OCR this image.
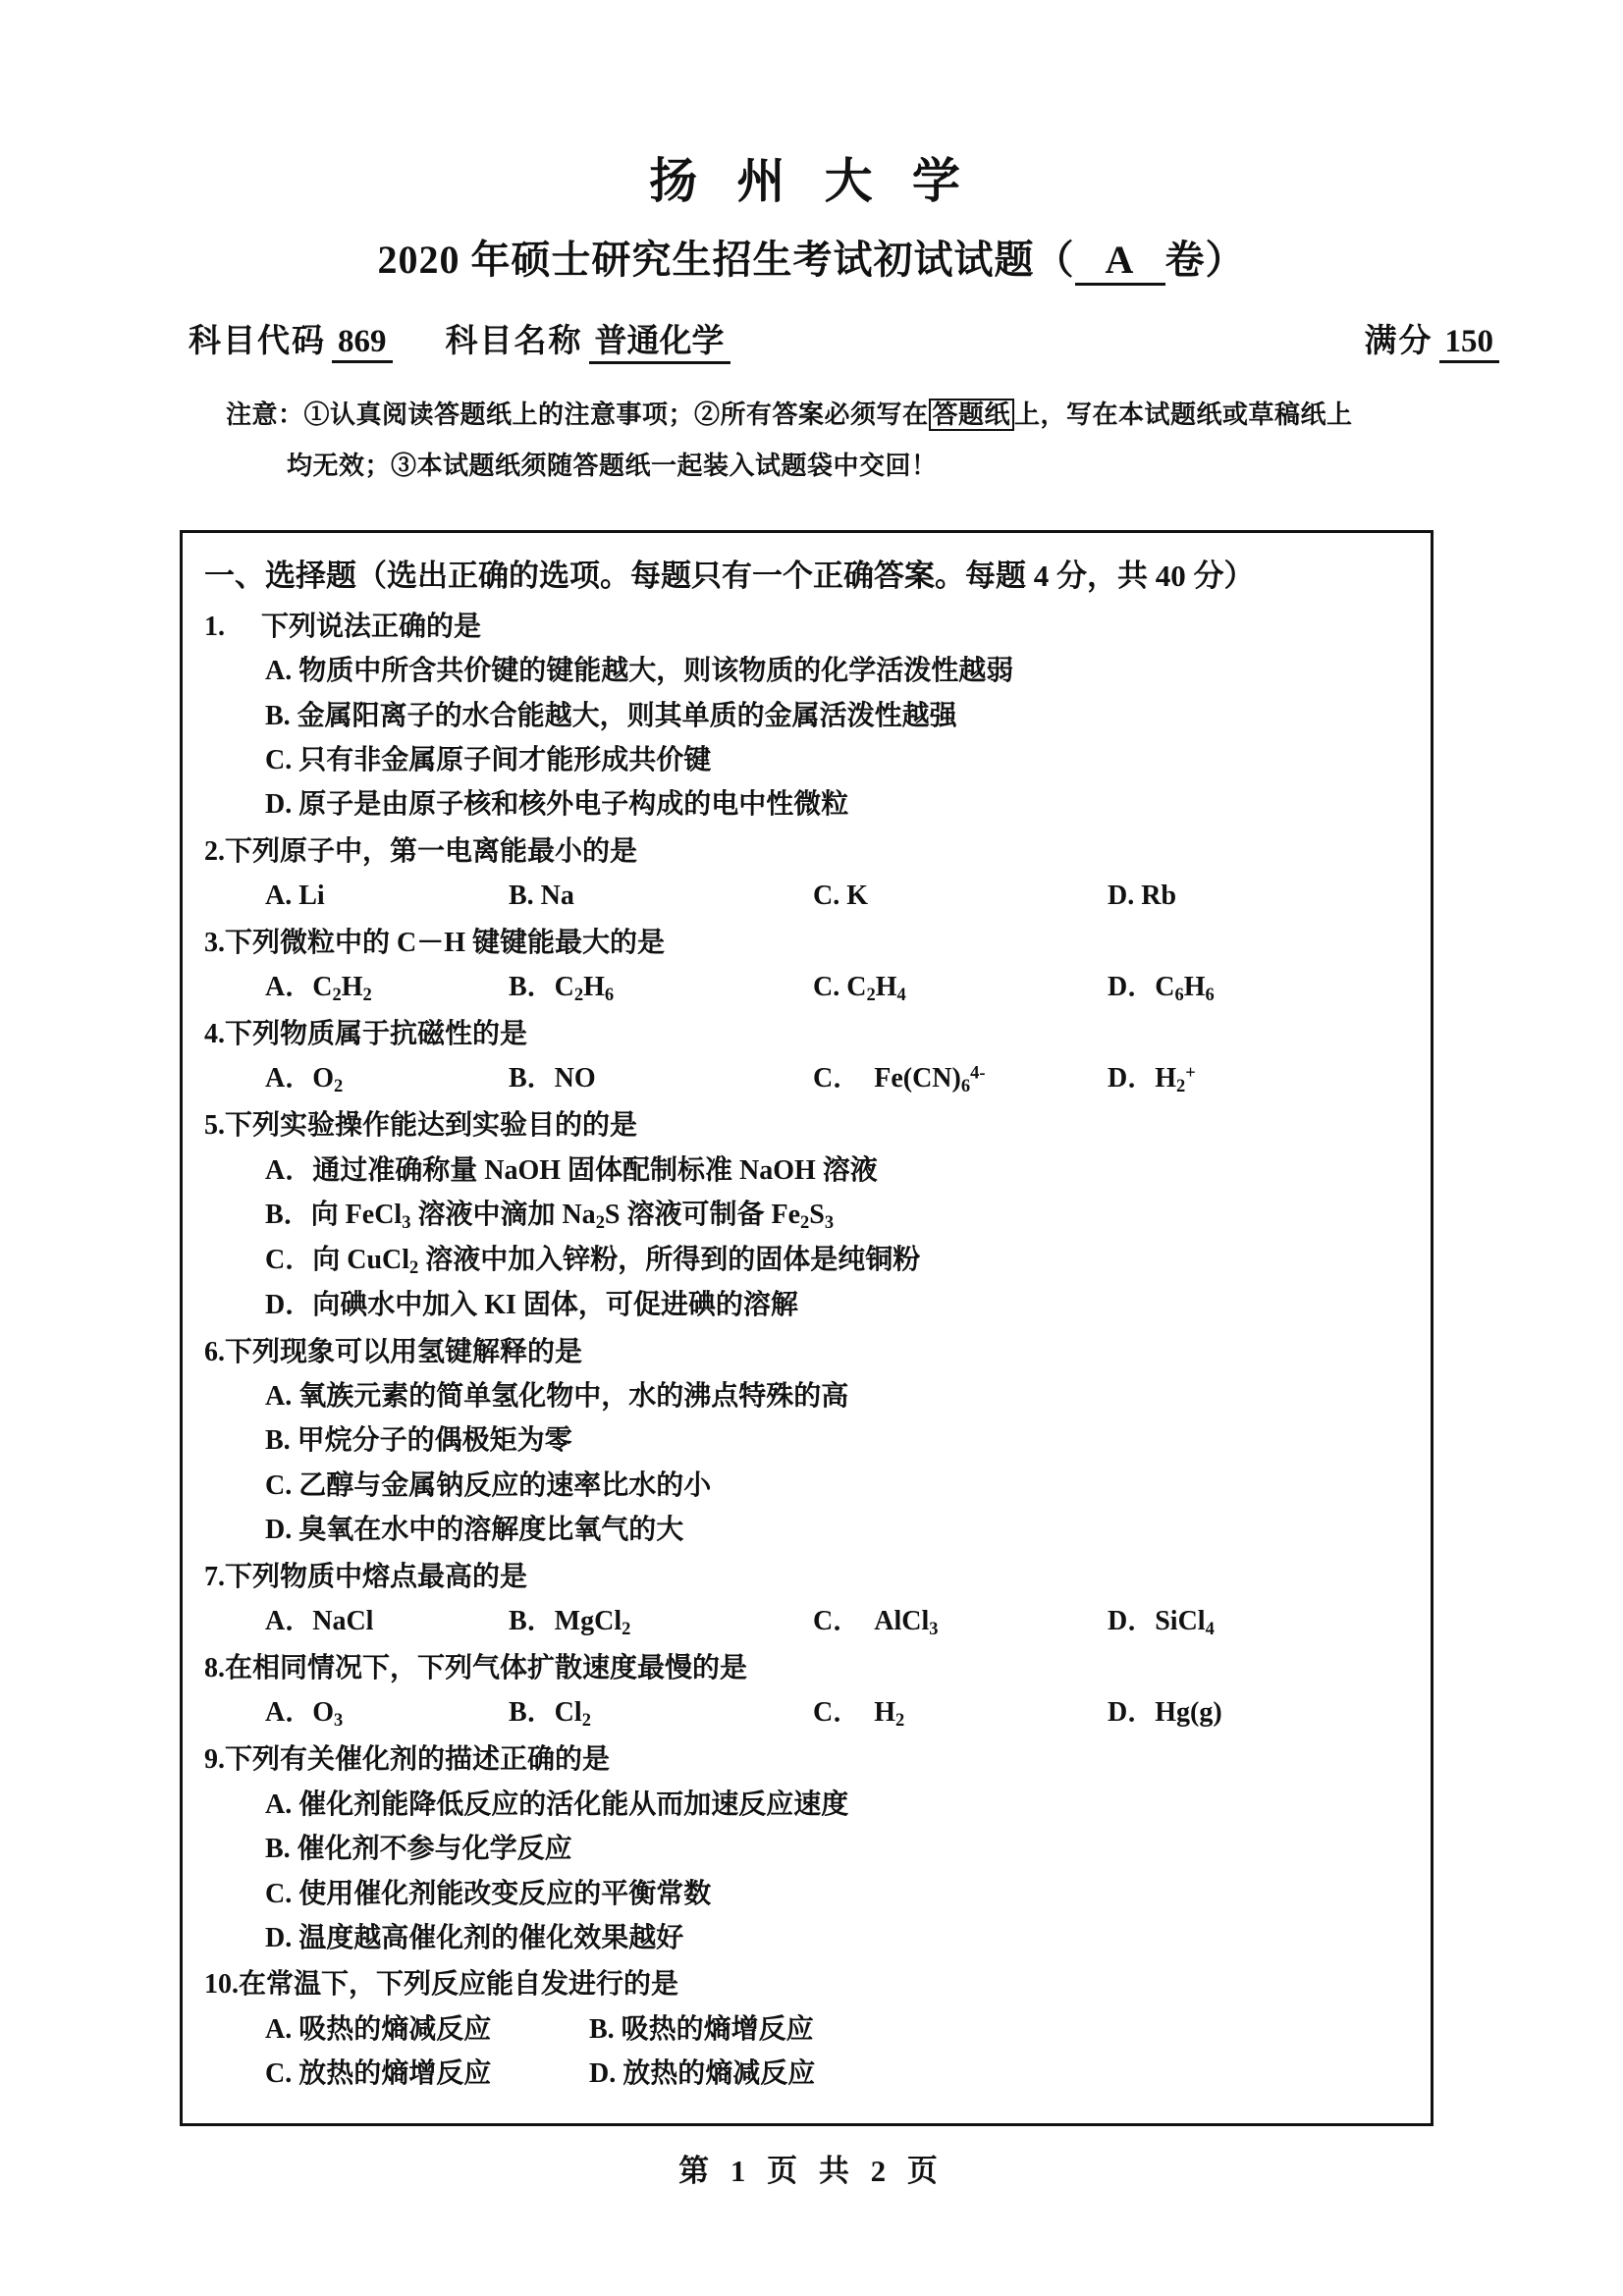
扬 州 大 学
2020 年硕士研究生招生考试初试试题（ A 卷）
科目代码 869 科目名称 普通化学	满分 150
注意：①认真阅读答题纸上的注意事项；②所有答案必须写在 答题纸 上，写在本试题纸或草稿纸上
均无效；③本试题纸须随答题纸一起装入试题袋中交回！
一、选择题（选出正确的选项。每题只有一个正确答案。每题 4 分，共 40 分）
1. 下列说法正确的是
A. 物质中所含共价键的键能越大，则该物质的化学活泼性越弱
B. 金属阳离子的水合能越大，则其单质的金属活泼性越强
C. 只有非金属原子间才能形成共价键
D. 原子是由原子核和核外电子构成的电中性微粒
2.下列原子中，第一电离能最小的是
A. Li	B. Na	C. K	D. Rb
3.下列微粒中的 C－H 键键能最大的是
A．$C_2H_2$	B．$C_2H_6$	C. $C_2H_4$	D．$C_6H_6$
4.下列物质属于抗磁性的是
A．$O_2$	B．NO	C．　$Fe(CN)_6^{4-}$	D．$H_2^+$
5.下列实验操作能达到实验目的的是
A．通过准确称量 NaOH 固体配制标准 NaOH 溶液
B．向 FeCl$_3$ 溶液中滴加 $Na_2S$ 溶液可制备 $Fe_2S_3$
C．向 CuCl$_2$ 溶液中加入锌粉，所得到的固体是纯铜粉
D．向碘水中加入 KI 固体，可促进碘的溶解
6.下列现象可以用氢键解释的是
A. 氧族元素的简单氢化物中，水的沸点特殊的高
B. 甲烷分子的偶极矩为零
C. 乙醇与金属钠反应的速率比水的小
D. 臭氧在水中的溶解度比氧气的大
7.下列物质中熔点最高的是
A．NaCl	B．MgCl$_2$	C．　AlCl$_3$	D．SiCl$_4$
8.在相同情况下，下列气体扩散速度最慢的是
A．$O_3$	B．$Cl_2$	C．　$H_2$	D．Hg(g)
9.下列有关催化剂的描述正确的是
A. 催化剂能降低反应的活化能从而加速反应速度
B. 催化剂不参与化学反应
C. 使用催化剂能改变反应的平衡常数
D. 温度越高催化剂的催化效果越好
10.在常温下，下列反应能自发进行的是
A. 吸热的熵减反应	B. 吸热的熵增反应
C. 放热的熵增反应	D. 放热的熵减反应
第 1 页 共 2 页
